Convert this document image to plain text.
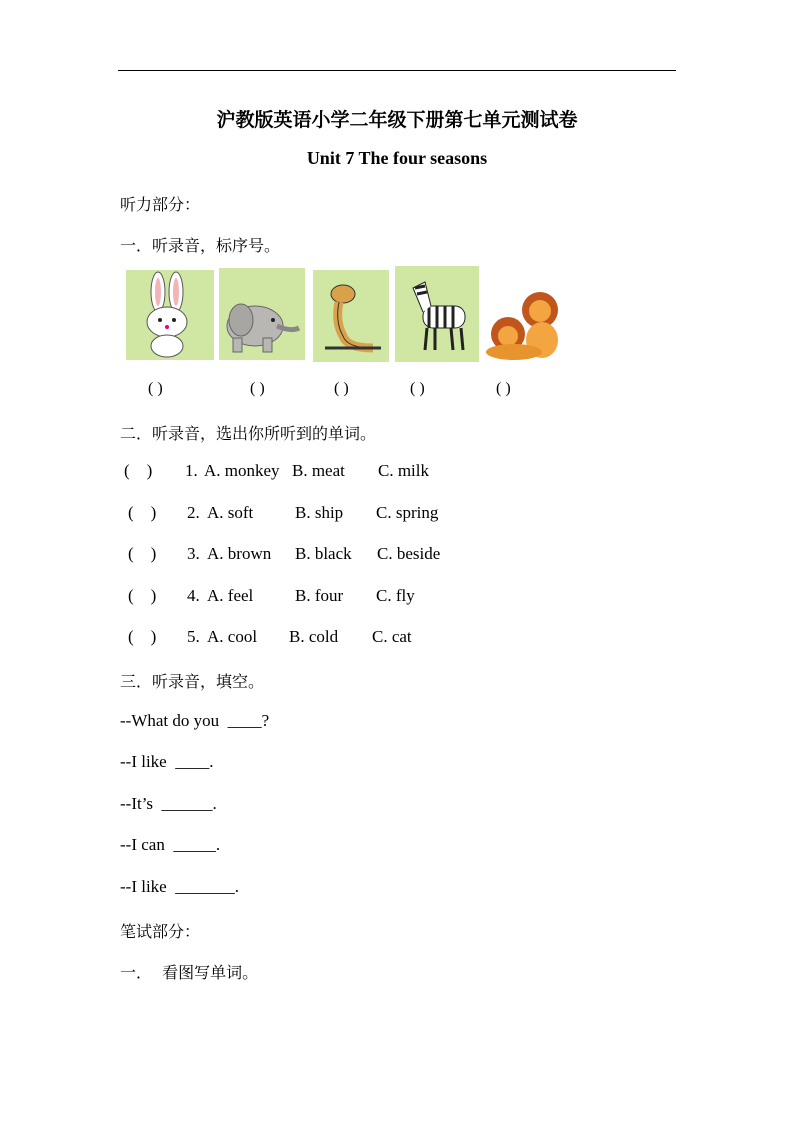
沪教版英语小学二年级下册第七单元测试卷
Unit 7 The four seasons
听力部分：
一．听录音，标序号。
( )	( )	( )	( )	( )
二．听录音，选出你所听到的单词。
(    ) 1. A. monkey B. meat C. milk
(    ) 2. A. soft B. ship C. spring
(    ) 3. A. brown B. black C. beside
(    ) 4. A. feel B. four C. fly
(    ) 5. A. cool B. cold C. cat
三．听录音，填空。
--What do you  ____?
--I like  ____.
--It’s  ______.
--I can  _____.
--I like  _______.
笔试部分：
一．  看图写单词。
